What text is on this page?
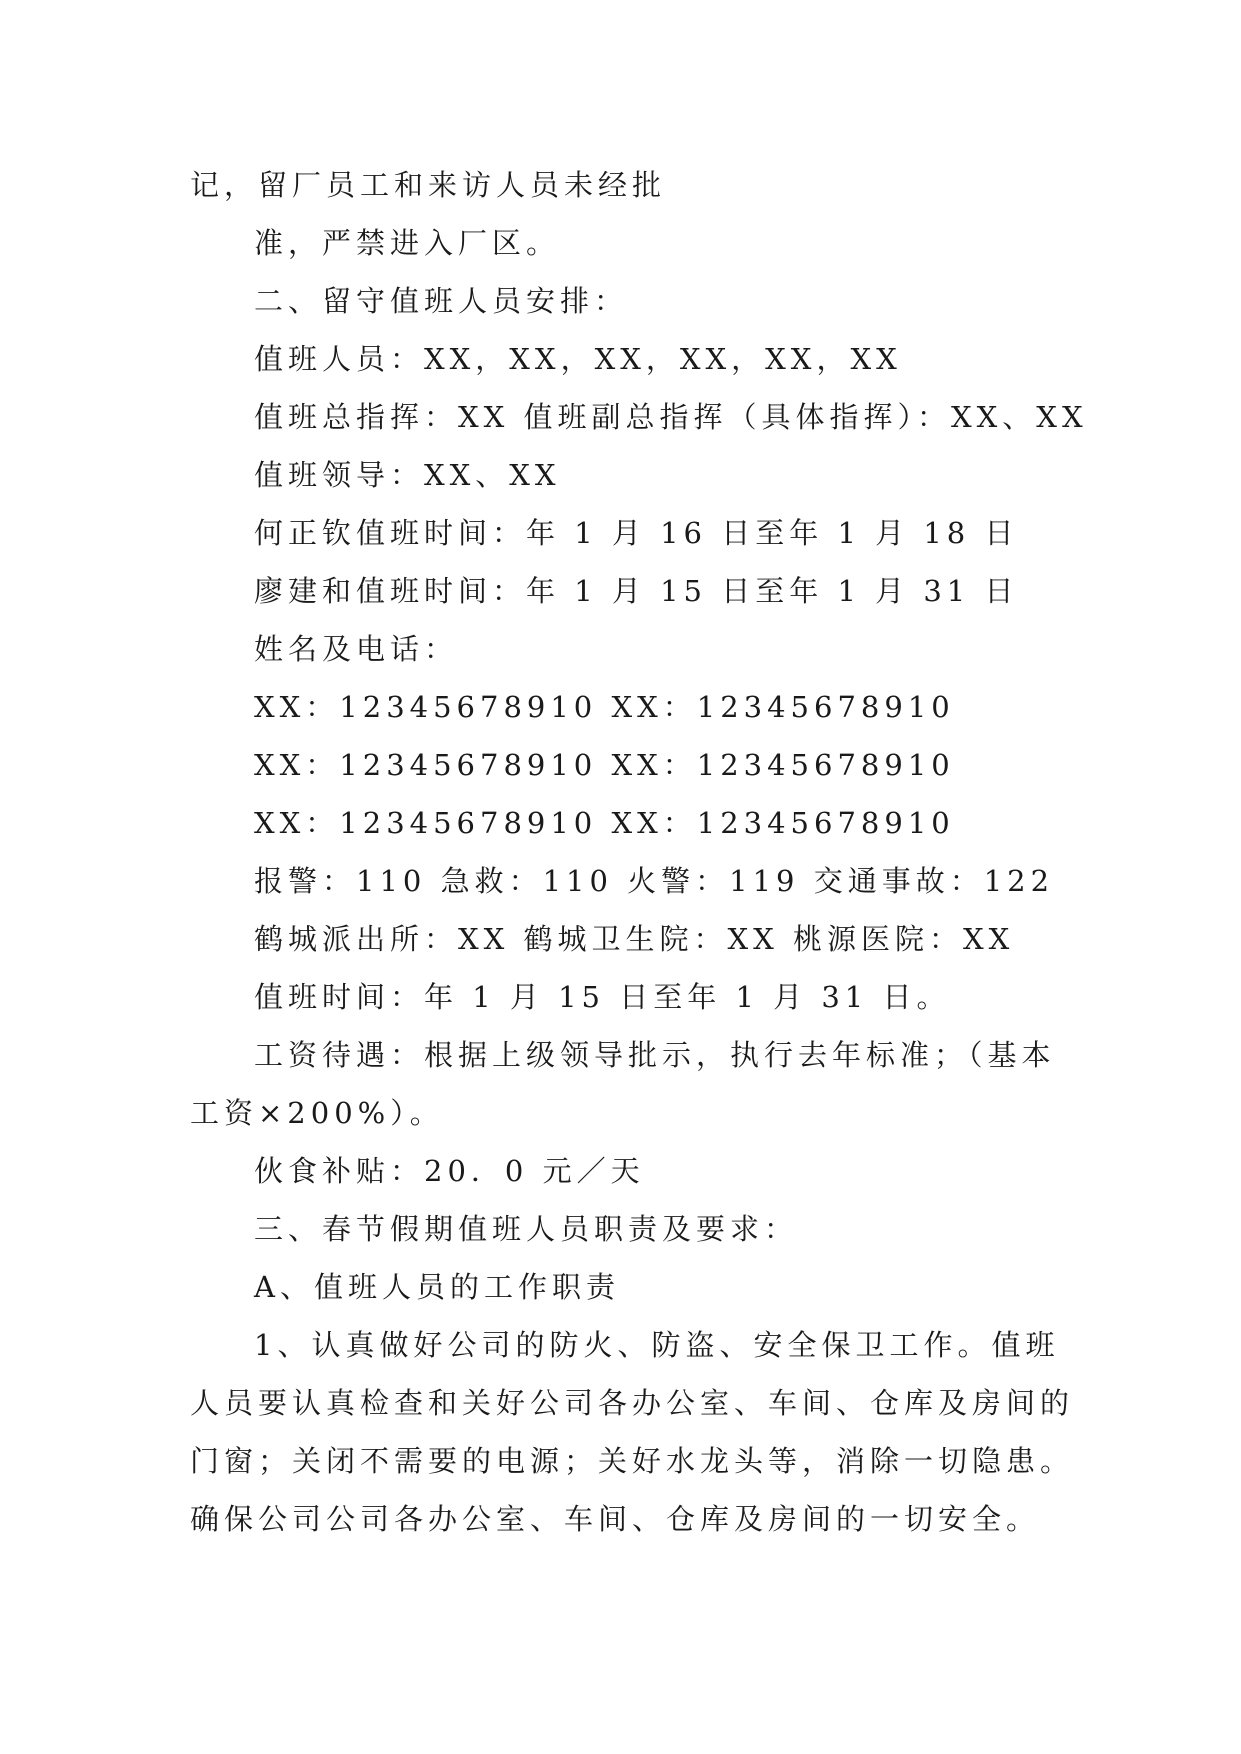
记，留厂员工和来访人员未经批
准，严禁进入厂区。
二、留守值班人员安排：
值班人员：XX，XX，XX，XX，XX，XX
值班总指挥：XX 值班副总指挥（具体指挥）：XX、XX
值班领导：XX、XX
何正钦值班时间：年 1 月 16 日至年 1 月 18 日
廖建和值班时间：年 1 月 15 日至年 1 月 31 日
姓名及电话：
XX：12345678910 XX：12345678910
XX：12345678910 XX：12345678910
XX：12345678910 XX：12345678910
报警：110 急救：110 火警：119 交通事故：122
鹤城派出所：XX 鹤城卫生院：XX 桃源医院：XX
值班时间：年 1 月 15 日至年 1 月 31 日。
工资待遇：根据上级领导批示，执行去年标准；（基本
工资×200%）。
伙食补贴：20．0 元／天
三、春节假期值班人员职责及要求：
A、值班人员的工作职责
1、认真做好公司的防火、防盗、安全保卫工作。值班
人员要认真检查和关好公司各办公室、车间、仓库及房间的
门窗；关闭不需要的电源；关好水龙头等，消除一切隐患。
确保公司公司各办公室、车间、仓库及房间的一切安全。
